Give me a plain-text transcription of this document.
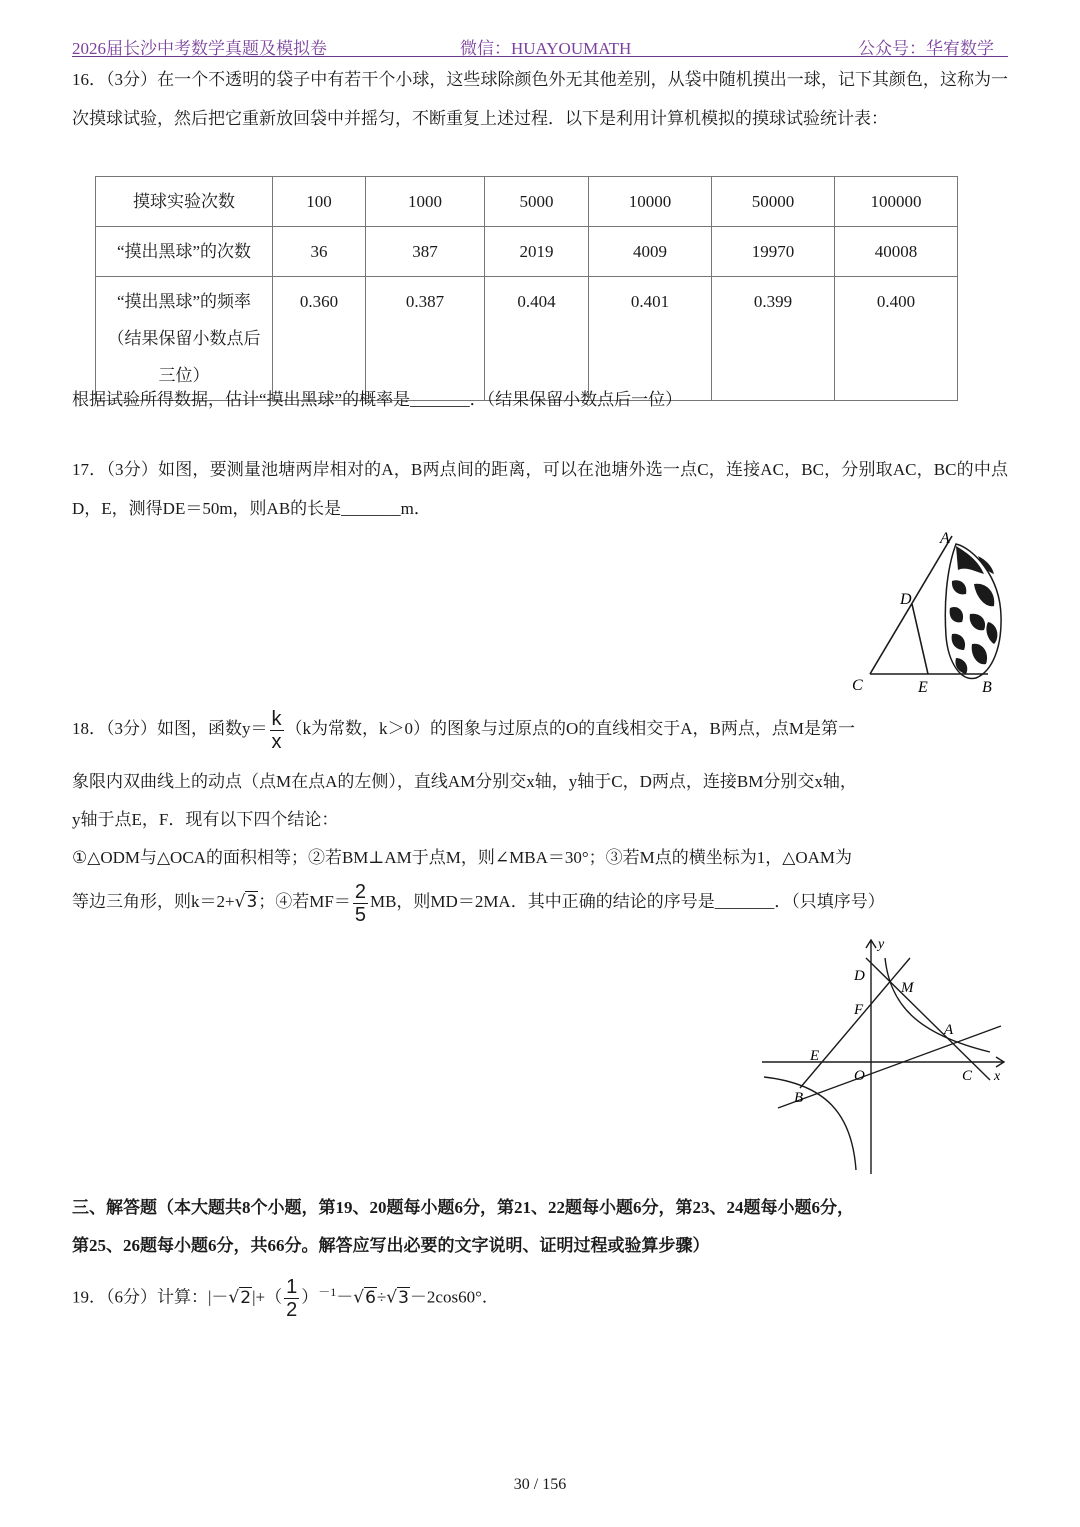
2026届长沙中考数学真题及模拟卷	微信：HUAYOUMATH	公众号：华宥数学

16．（3分）在一个不透明的袋子中有若干个小球，这些球除颜色外无其他差别，从袋中随机摸出一球，记下其颜色，这称为一次摸球试验，然后把它重新放回袋中并摇匀，不断重复上述过程．以下是利用计算机模拟的摸球试验统计表：

摸球实验次数	100	1000	5000	10000	50000	100000
“摸出黑球”的次数	36	387	2019	4009	19970	40008

“摸出黑球”的频率
（结果保留小数点后
三位）	0.360	0.387	0.404	0.401	0.399	0.400

根据试验所得数据，估计“摸出黑球”的概率是_______．（结果保留小数点后一位）

17．（3分）如图，要测量池塘两岸相对的A，B两点间的距离，可以在池塘外选一点C，连接AC，BC，分别取AC，BC的中点D，E，测得DE＝50m，则AB的长是_______m．

A
D
C	E	B

18．（3分）如图，函数$y= \frac{k}{x} (k$为常数，k＞0）的图象与过原点的O的直线相交于A，B两点，点M是第一

象限内双曲线上的动点（点M在点A的左侧），直线AM分别交x轴，y轴于C，D两点，连接BM分别交x轴，

y轴于点E，F．现有以下四个结论：

①△ODM与△OCA的面积相等；②若BM⊥AM于点M，则∠MBA＝30°；③若M点的横坐标为1，△OAM为

等边三角形，则k＝2+√3；④若$MF= \frac{2}{5}$ MB，则MD＝2MA．其中正确的结论的序号是_______．（只填序号）

y
x
D
M
F
A
E
O	C
B

三、解答题（本大题共8个小题，第19、20题每小题6分，第21、22题每小题6分，第23、24题每小题6分，

第25、26题每小题6分，共66分。解答应写出必要的文字说明、证明过程或验算步骤）

19．（6分）计算：$|-√2|+( \frac{1}{2} )^{-1}-√6\div√3-2\cos 60^\circ$．

30 / 156
